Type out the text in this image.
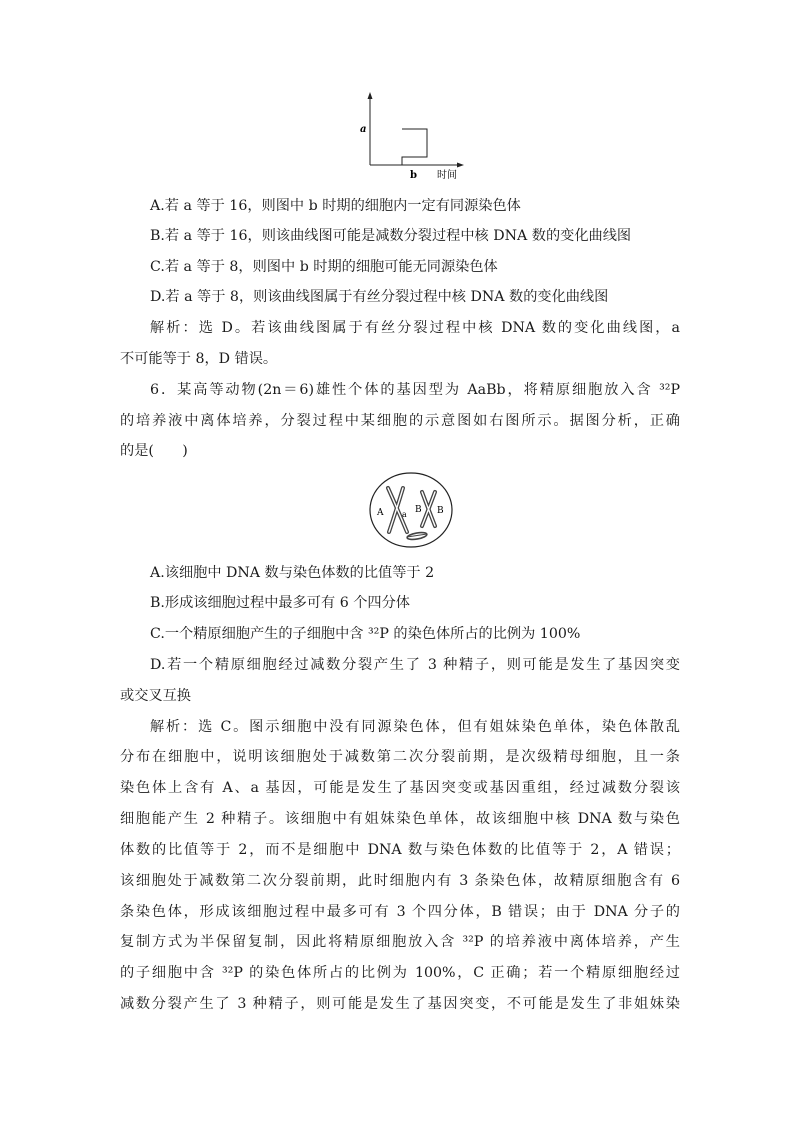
a
b 时间
A.若 a 等于 16，则图中 b 时期的细胞内一定有同源染色体
B.若 a 等于 16，则该曲线图可能是减数分裂过程中核 DNA 数的变化曲线图
C.若 a 等于 8，则图中 b 时期的细胞可能无同源染色体
D.若 a 等于 8，则该曲线图属于有丝分裂过程中核 DNA 数的变化曲线图
解析：选 D。若该曲线图属于有丝分裂过程中核 DNA 数的变化曲线图，a
不可能等于 8，D 错误。
6．某高等动物(2n＝6)雄性个体的基因型为 AaBb，将精原细胞放入含 ³²P
的培养液中离体培养，分裂过程中某细胞的示意图如右图所示。据图分析，正确
的是(　　)
A a B B
A.该细胞中 DNA 数与染色体数的比值等于 2
B.形成该细胞过程中最多可有 6 个四分体
C.一个精原细胞产生的子细胞中含 ³²P 的染色体所占的比例为 100%
D.若一个精原细胞经过减数分裂产生了 3 种精子，则可能是发生了基因突变
或交叉互换
解析：选 C。图示细胞中没有同源染色体，但有姐妹染色单体，染色体散乱
分布在细胞中，说明该细胞处于减数第二次分裂前期，是次级精母细胞，且一条
染色体上含有 A、a 基因，可能是发生了基因突变或基因重组，经过减数分裂该
细胞能产生 2 种精子。该细胞中有姐妹染色单体，故该细胞中核 DNA 数与染色
体数的比值等于 2，而不是细胞中 DNA 数与染色体数的比值等于 2，A 错误；
该细胞处于减数第二次分裂前期，此时细胞内有 3 条染色体，故精原细胞含有 6
条染色体，形成该细胞过程中最多可有 3 个四分体，B 错误；由于 DNA 分子的
复制方式为半保留复制，因此将精原细胞放入含 ³²P 的培养液中离体培养，产生
的子细胞中含 ³²P 的染色体所占的比例为 100%，C 正确；若一个精原细胞经过
减数分裂产生了 3 种精子，则可能是发生了基因突变，不可能是发生了非姐妹染
